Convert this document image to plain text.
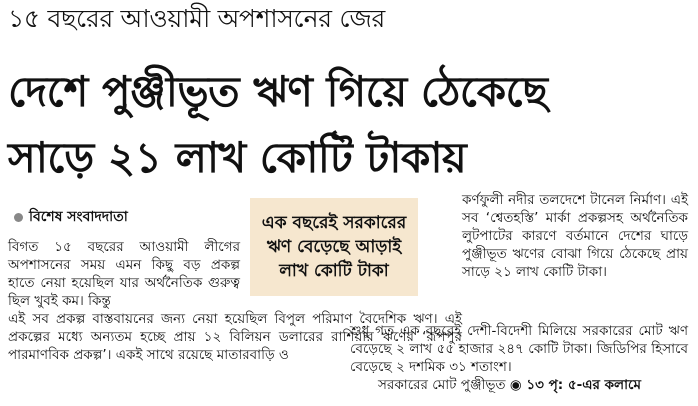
১৫ বছরের আওয়ামী অপশাসনের জের
দেশে পুঞ্জীভূত ঋণ গিয়ে ঠেকেছে
সাড়ে ২১ লাখ কোটি টাকায়
বিশেষ সংবাদদাতা	এক বছরেই সরকারের ঋণ বেড়েছে আড়াই লাখ কোটি টাকা
বিগত ১৫ বছরের আওয়ামী লীগের অপশাসনের সময় এমন কিছু বড় প্রকল্প হাতে নেয়া হয়েছিল যার অর্থনৈতিক গুরুত্ব ছিল খুবই কম। কিন্তু
এই সব প্রকল্প বাস্তবায়নের জন্য নেয়া হয়েছিল বিপুল পরিমাণ বৈদেশিক ঋণ। এই প্রকল্পের মধ্যে অন্যতম হচ্ছে প্রায় ১২ বিলিয়ন ডলারের রাশিয়ার ঋণের ‘রূপপুর পারমাণবিক প্রকল্প’। একই সাথে রয়েছে মাতারবাড়ি ও
কর্ণফুলী নদীর তলদেশে টানেল নির্মাণ। এই সব ‘শ্বেতহস্তি’ মার্কা প্রকল্পসহ অর্থনৈতিক লুটপাটের কারণে বর্তমানে দেশের ঘাড়ে পুঞ্জীভূত ঋণের বোঝা গিয়ে ঠেকেছে প্রায় সাড়ে ২১ লাখ কোটি টাকা।
শুধু গত এক বছরেই দেশী-বিদেশী মিলিয়ে সরকারের মোট ঋণ বেড়েছে ২ লাখ ৫৫ হাজার ২৪৭ কোটি টাকা। জিডিপির হিসাবে বেড়েছে ২ দশমিক ৩১ শতাংশ।
সরকারের মোট পুঞ্জীভূত ◉ ১৩ পৃ: ৫-এর কলামে
